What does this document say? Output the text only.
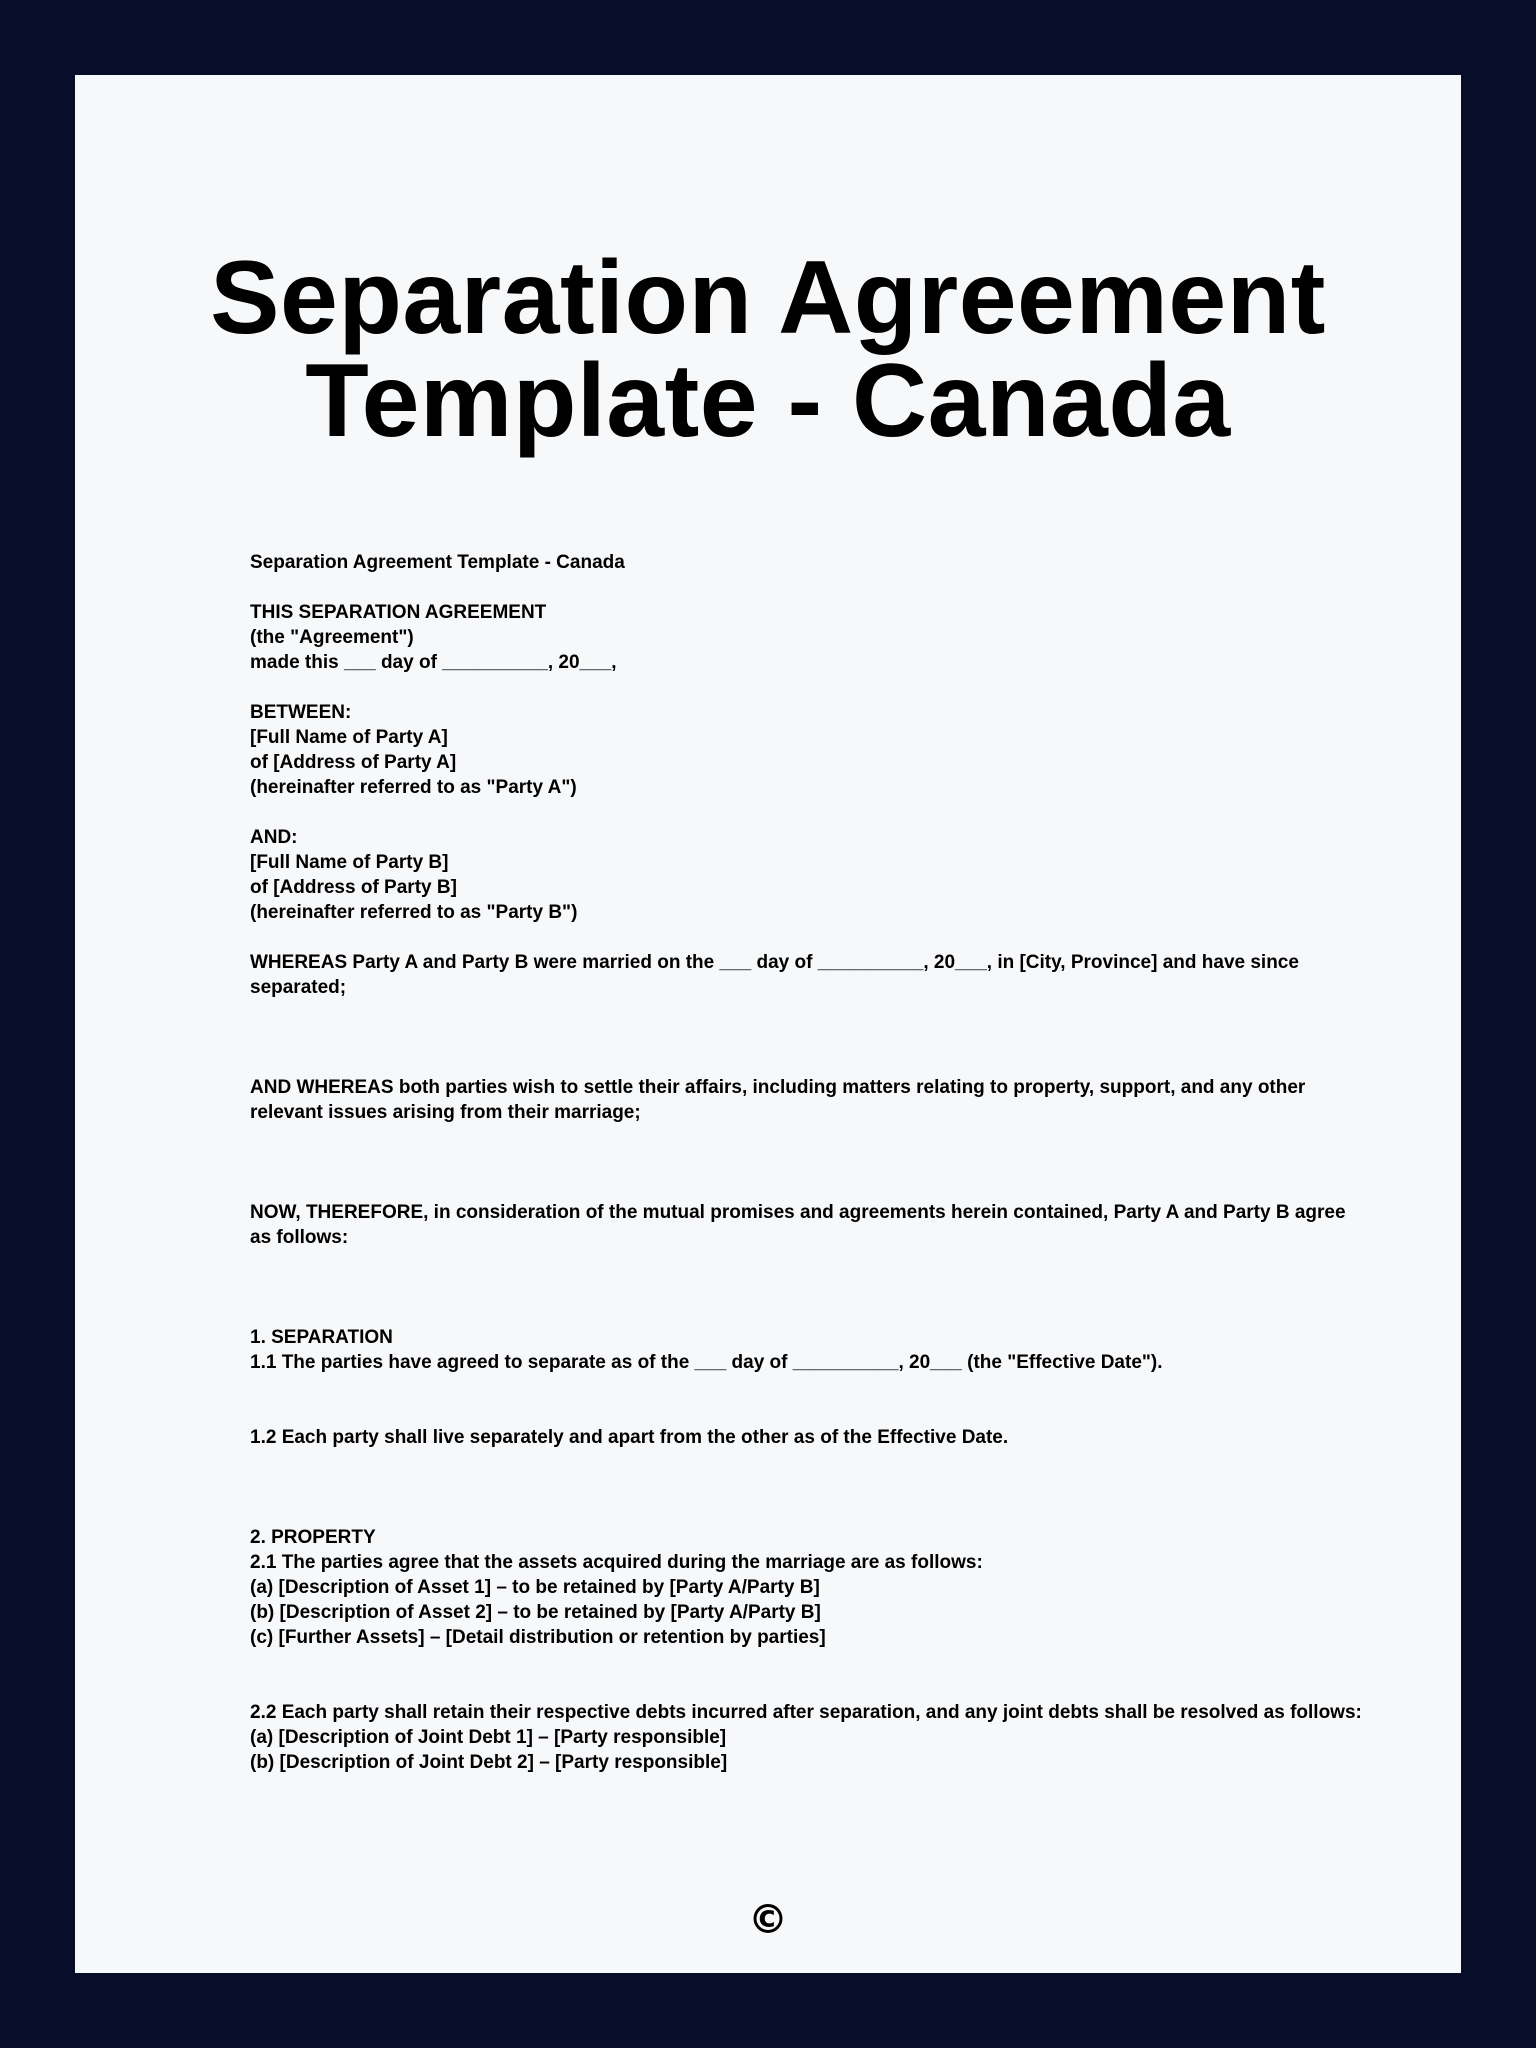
Separation Agreement
Template - Canada
Separation Agreement Template - Canada
THIS SEPARATION AGREEMENT
(the "Agreement")
made this ___ day of __________, 20___,
BETWEEN:
[Full Name of Party A]
of [Address of Party A]
(hereinafter referred to as "Party A")
AND:
[Full Name of Party B]
of [Address of Party B]
(hereinafter referred to as "Party B")
WHEREAS Party A and Party B were married on the ___ day of __________, 20___, in [City, Province] and have since separated;
AND WHEREAS both parties wish to settle their affairs, including matters relating to property, support, and any other relevant issues arising from their marriage;
NOW, THEREFORE, in consideration of the mutual promises and agreements herein contained, Party A and Party B agree as follows:
1. SEPARATION
1.1 The parties have agreed to separate as of the ___ day of __________, 20___ (the "Effective Date").
1.2 Each party shall live separately and apart from the other as of the Effective Date.
2. PROPERTY
2.1 The parties agree that the assets acquired during the marriage are as follows:
(a) [Description of Asset 1] – to be retained by [Party A/Party B]
(b) [Description of Asset 2] – to be retained by [Party A/Party B]
(c) [Further Assets] – [Detail distribution or retention by parties]
2.2 Each party shall retain their respective debts incurred after separation, and any joint debts shall be resolved as follows:
(a) [Description of Joint Debt 1] – [Party responsible]
(b) [Description of Joint Debt 2] – [Party responsible]
©
